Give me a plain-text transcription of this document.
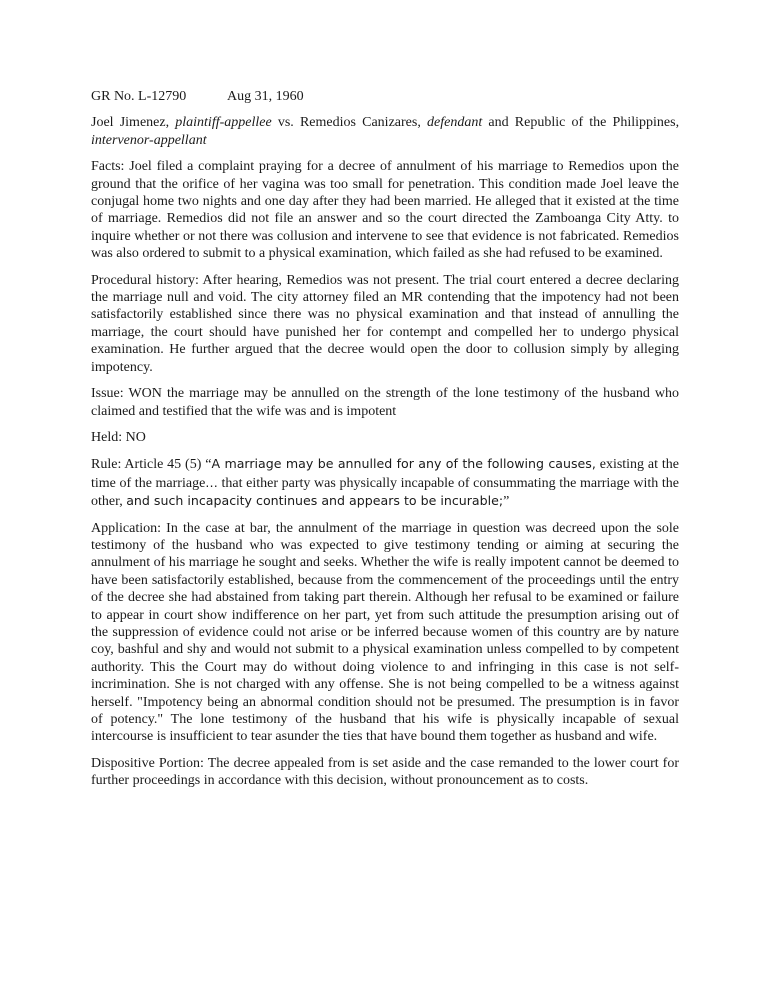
GR No. L-12790	Aug 31, 1960

Joel Jimenez, plaintiff-appellee vs. Remedios Canizares, defendant and Republic of the Philippines, intervenor-appellant

Facts: Joel filed a complaint praying for a decree of annulment of his marriage to Remedios upon the ground that the orifice of her vagina was too small for penetration. This condition made Joel leave the conjugal home two nights and one day after they had been married. He alleged that it existed at the time of marriage. Remedios did not file an answer and so the court directed the Zamboanga City Atty. to inquire whether or not there was collusion and intervene to see that evidence is not fabricated. Remedios was also ordered to submit to a physical examination, which failed as she had refused to be examined.

Procedural history: After hearing, Remedios was not present. The trial court entered a decree declaring the marriage null and void. The city attorney filed an MR contending that the impotency had not been satisfactorily established since there was no physical examination and that instead of annulling the marriage, the court should have punished her for contempt and compelled her to undergo physical examination. He further argued that the decree would open the door to collusion simply by alleging impotency.

Issue: WON the marriage may be annulled on the strength of the lone testimony of the husband who claimed and testified that the wife was and is impotent

Held: NO

Rule: Article 45 (5) “A marriage may be annulled for any of the following causes, existing at the time of the marriage… that either party was physically incapable of consummating the marriage with the other, and such incapacity continues and appears to be incurable;”

Application: In the case at bar, the annulment of the marriage in question was decreed upon the sole testimony of the husband who was expected to give testimony tending or aiming at securing the annulment of his marriage he sought and seeks. Whether the wife is really impotent cannot be deemed to have been satisfactorily established, because from the commencement of the proceedings until the entry of the decree she had abstained from taking part therein. Although her refusal to be examined or failure to appear in court show indifference on her part, yet from such attitude the presumption arising out of the suppression of evidence could not arise or be inferred because women of this country are by nature coy, bashful and shy and would not submit to a physical examination unless compelled to by competent authority. This the Court may do without doing violence to and infringing in this case is not self-incrimination. She is not charged with any offense. She is not being compelled to be a witness against herself. "Impotency being an abnormal condition should not be presumed. The presumption is in favor of potency." The lone testimony of the husband that his wife is physically incapable of sexual intercourse is insufficient to tear asunder the ties that have bound them together as husband and wife.

Dispositive Portion: The decree appealed from is set aside and the case remanded to the lower court for further proceedings in accordance with this decision, without pronouncement as to costs.
